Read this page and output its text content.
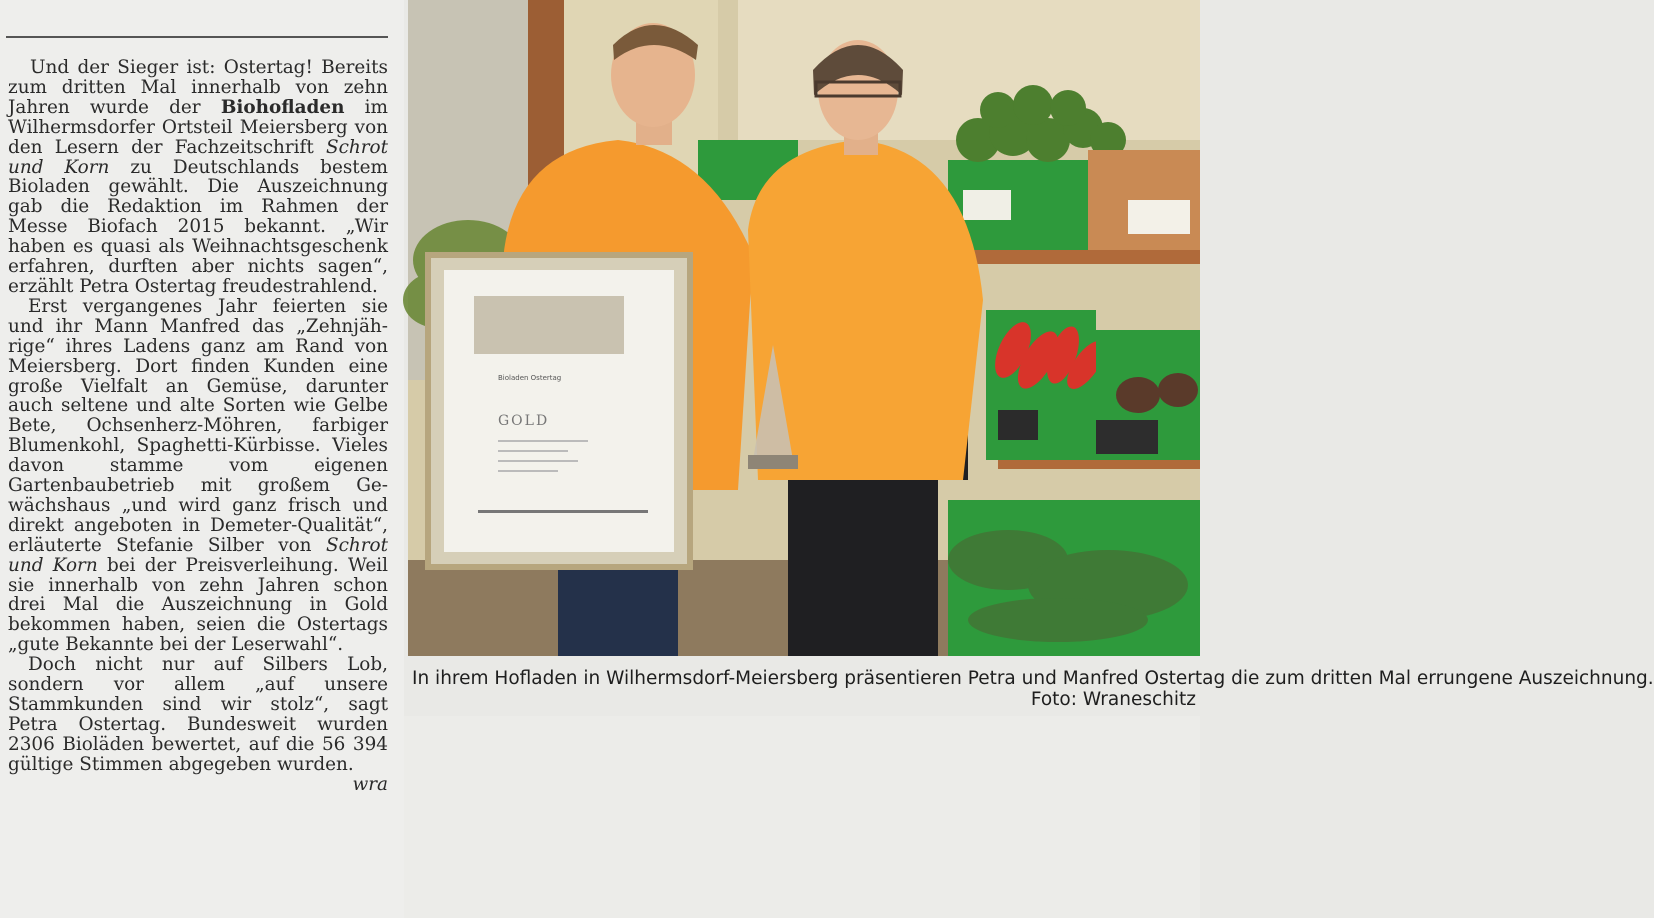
Und der Sieger ist: Ostertag! Bereits zum dritten Mal innerhalb von zehn Jahren wurde der Biohofladen im Wilhermsdorfer Ortsteil Meiersberg von den Lesern der Fachzeitschrift Schrot und Korn zu Deutschlands bestem Bioladen gewählt. Die Auszeichnung gab die Redaktion im Rahmen der Messe Biofach 2015 bekannt. „Wir haben es quasi als Weihnachtsgeschenk erfahren, durften aber nichts sagen“, erzählt Petra Ostertag freudestrahlend.

Erst vergangenes Jahr feierten sie und ihr Mann Manfred das „Zehnjährige“ ihres Ladens ganz am Rand von Meiersberg. Dort finden Kunden eine große Vielfalt an Gemüse, darunter auch seltene und alte Sorten wie Gelbe Bete, Ochsenherz-Möhren, farbiger Blumenkohl, Spaghetti-Kürbisse. Vieles davon stamme vom eigenen Gartenbaubetrieb mit großem Gewächshaus „und wird ganz frisch und direkt angeboten in Demeter-Qualität“, erläuterte Stefanie Silber von Schrot und Korn bei der Preisverleihung. Weil sie innerhalb von zehn Jahren schon drei Mal die Auszeichnung in Gold bekommen haben, seien die Ostertags „gute Bekannte bei der Leserwahl“.

Doch nicht nur auf Silbers Lob, sondern vor allem „auf unsere Stammkunden sind wir stolz“, sagt Petra Ostertag. Bundesweit wurden 2306 Bioläden bewertet, auf die 56 394 gültige Stimmen abgegeben wurden.
wra

Bioladen Ostertag
GOLD
In ihrem Hofladen in Wilhermsdorf-Meiersberg präsentieren Petra und Manfred Ostertag die zum dritten Mal errungene Auszeichnung.
Foto: Wraneschitz
